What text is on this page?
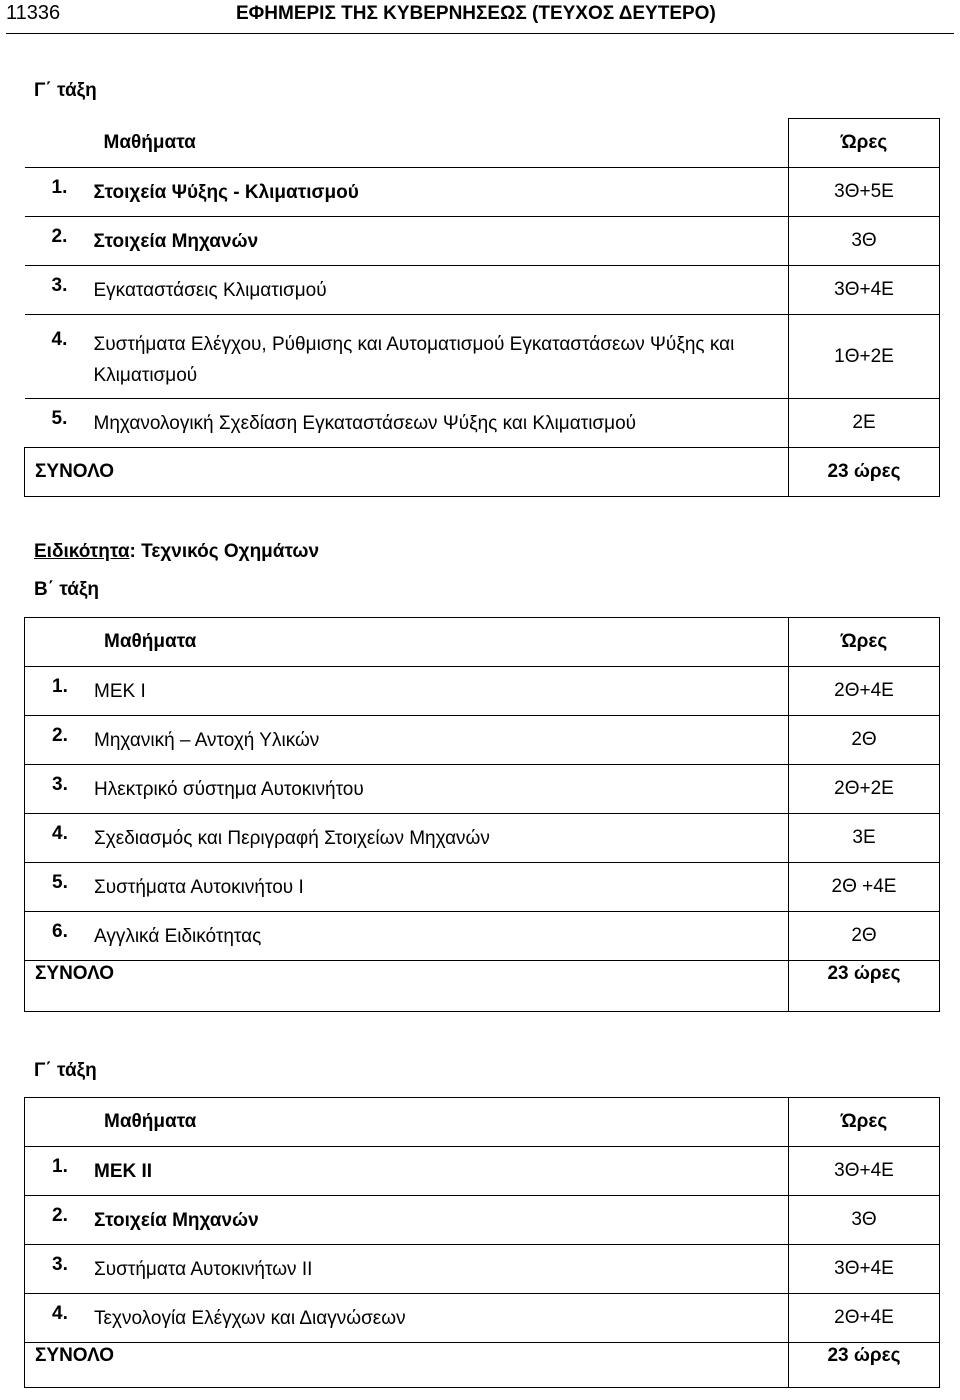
11336	ΕΦΗΜΕΡΙΣ ΤΗΣ ΚΥΒΕΡΝΗΣΕΩΣ (ΤΕΥΧΟΣ ΔΕΥΤΕΡΟ)
Γ΄ τάξη
Μαθήματα	Ώρες

1. Στοιχεία Ψύξης - Κλιματισμού	3Θ+5Ε

2. Στοιχεία Μηχανών	3Θ

3. Εγκαταστάσεις Κλιματισμού	3Θ+4Ε

4. Συστήματα Ελέγχου, Ρύθμισης και Αυτοματισμού Εγκαταστάσεων Ψύξης και Κλιματισμού	1Θ+2Ε

5. Μηχανολογική Σχεδίαση Εγκαταστάσεων Ψύξης και Κλιματισμού	2Ε
ΣΥΝΟΛΟ	23 ώρες
Ειδικότητα: Τεχνικός Οχημάτων
Β΄ τάξη
Μαθήματα	Ώρες

1. ΜΕΚ Ι	2Θ+4Ε

2. Μηχανική – Αντοχή Υλικών	2Θ

3. Ηλεκτρικό σύστημα Αυτοκινήτου	2Θ+2Ε

4. Σχεδιασμός και Περιγραφή Στοιχείων Μηχανών	3Ε

5. Συστήματα Αυτοκινήτου Ι	2Θ +4Ε

6. Αγγλικά Ειδικότητας	2Θ
ΣΥΝΟΛΟ	23 ώρες
Γ΄ τάξη
Μαθήματα	Ώρες

1. ΜΕΚ ΙΙ	3Θ+4Ε

2. Στοιχεία Μηχανών	3Θ

3. Συστήματα Αυτοκινήτων ΙΙ	3Θ+4Ε

4. Τεχνολογία Ελέγχων και Διαγνώσεων	2Θ+4Ε
ΣΥΝΟΛΟ	23 ώρες
